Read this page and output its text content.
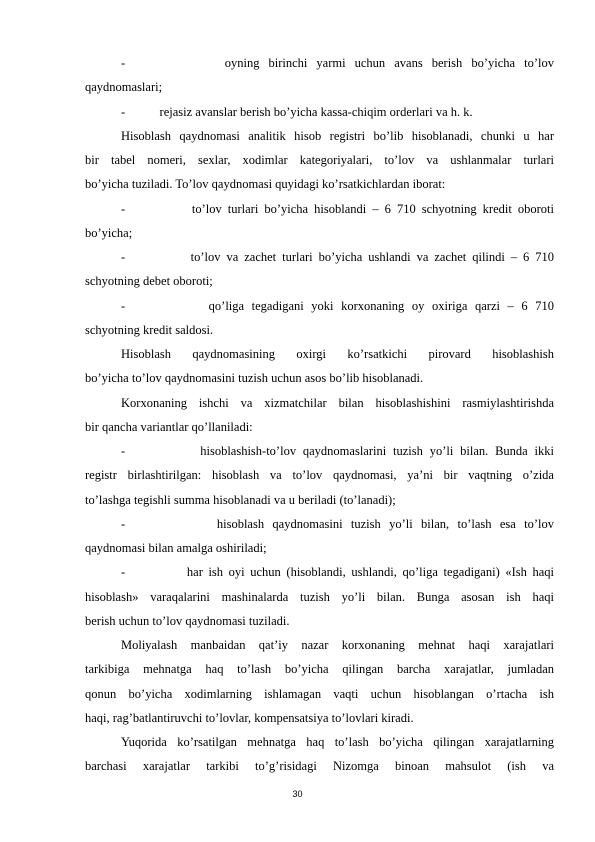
-           oyning birinchi yarmi uchun avans berish bo’yicha to’lov
qaydnomaslari;
-           rejasiz avanslar berish bo’yicha kassa-chiqim orderlari va h. k.
Hisoblash qaydnomasi analitik hisob registri bo’lib hisoblanadi, chunki u har
bir tabel nomeri, sexlar, xodimlar kategoriyalari, to’lov va ushlanmalar turlari
bo’yicha tuziladi. To’lov qaydnomasi quyidagi ko’rsatkichlardan iborat:
-           to’lov turlari bo’yicha hisoblandi – 6 710 schyotning kredit oboroti
bo’yicha;
-           to’lov va zachet turlari bo’yicha ushlandi va zachet qilindi – 6 710
schyotning debet oboroti;
-           qo’liga tegadigani yoki korxonaning oy oxiriga qarzi – 6 710
schyotning kredit saldosi.
Hisoblash qaydnomasining oxirgi ko’rsatkichi pirovard hisoblashish
bo’yicha to’lov qaydnomasini tuzish uchun asos bo’lib hisoblanadi.
Korxonaning ishchi va xizmatchilar bilan hisoblashishini rasmiylashtirishda
bir qancha variantlar qo’llaniladi:
-           hisoblashish-to’lov qaydnomaslarini tuzish yo’li bilan. Bunda ikki
registr birlashtirilgan: hisoblash va to’lov qaydnomasi, ya’ni bir vaqtning o’zida
to’lashga tegishli summa hisoblanadi va u beriladi (to’lanadi);
-           hisoblash qaydnomasini tuzish yo’li bilan, to’lash esa to’lov
qaydnomasi bilan amalga oshiriladi;
-           har ish oyi uchun (hisoblandi, ushlandi, qo’liga tegadigani) «Ish haqi
hisoblash» varaqalarini mashinalarda tuzish yo’li bilan. Bunga asosan ish haqi
berish uchun to’lov qaydnomasi tuziladi.
Moliyalash manbaidan qat’iy nazar korxonaning mehnat haqi xarajatlari
tarkibiga mehnatga haq to’lash bo’yicha qilingan barcha xarajatlar, jumladan
qonun bo’yicha xodimlarning ishlamagan vaqti uchun hisoblangan o’rtacha ish
haqi, rag’batlantiruvchi to’lovlar, kompensatsiya to’lovlari kiradi.
Yuqorida ko’rsatilgan mehnatga haq to’lash bo’yicha qilingan xarajatlarning
barchasi xarajatlar tarkibi to’g’risidagi Nizomga binoan mahsulot (ish va
30
